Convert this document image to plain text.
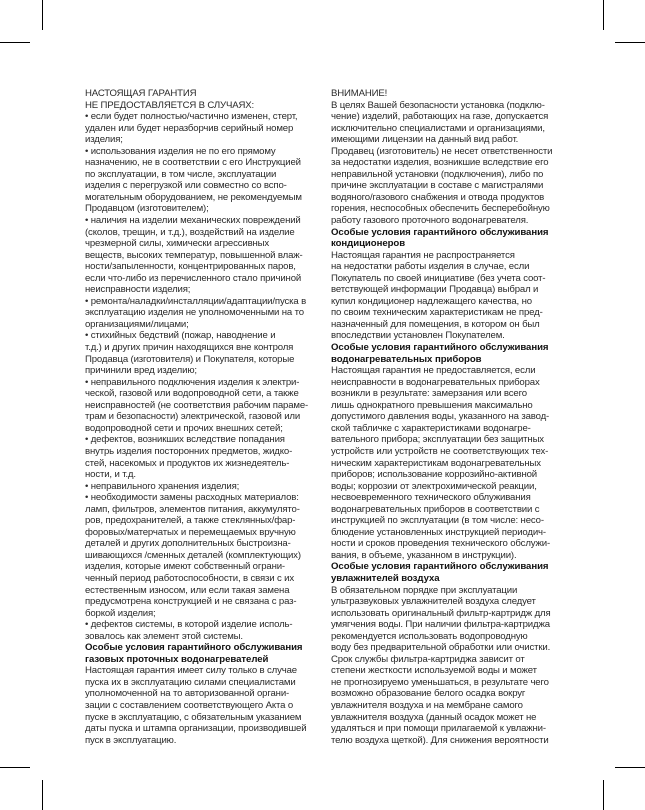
НАСТОЯЩАЯ ГАРАНТИЯ
НЕ ПРЕДОСТАВЛЯЕТСЯ В СЛУЧАЯХ:
• если будет полностью/частично изменен, стерт,
удален или будет неразборчив серийный номер
изделия;
• использования изделия не по его прямому
назначению, не в соответствии с его Инструкцией
по эксплуатации, в том числе, эксплуатации
изделия с перегрузкой или совместно со вспо-
могательным оборудованием, не рекомендуемым
Продавцом (изготовителем);
• наличия на изделии механических повреждений
(сколов, трещин, и т.д.), воздействий на изделие
чрезмерной силы, химически агрессивных
веществ, высоких температур, повышенной влаж-
ности/запыленности, концентрированных паров,
если что-либо из перечисленного стало причиной
неисправности изделия;
• ремонта/наладки/инсталляции/адаптации/пуска в
эксплуатацию изделия не уполномоченными на то
организациями/лицами;
• стихийных бедствий (пожар, наводнение и
т.д.) и других причин находящихся вне контроля
Продавца (изготовителя) и Покупателя, которые
причинили вред изделию;
• неправильного подключения изделия к электри-
ческой, газовой или водопроводной сети, а также
неисправностей (не соответствия рабочим параме-
трам и безопасности) электрической, газовой или
водопроводной сети и прочих внешних сетей;
• дефектов, возникших вследствие попадания
внутрь изделия посторонних предметов, жидко-
стей, насекомых и продуктов их жизнедеятель-
ности, и т.д.
• неправильного хранения изделия;
• необходимости замены расходных материалов:
ламп, фильтров, элементов питания, аккумулято-
ров, предохранителей, а также стеклянных/фар-
форовых/матерчатых и перемещаемых вручную
деталей и других дополнительных быстроизна-
шивающихся /сменных деталей (комплектующих)
изделия, которые имеют собственный ограни-
ченный период работоспособности, в связи с их
естественным износом, или если такая замена
предусмотрена конструкцией и не связана с раз-
боркой изделия;
• дефектов системы, в которой изделие исполь-
зовалось как элемент этой системы.
Особые условия гарантийного обслуживания
газовых проточных водонагревателей
Настоящая гарантия имеет силу только в случае
пуска их в эксплуатацию силами специалистами
уполномоченной на то авторизованной органи-
зации с составлением соответствующего Акта о
пуске в эксплуатацию, с обязательным указанием
даты пуска и штампа организации, производившей
пуск в эксплуатацию.
ВНИМАНИЕ!
В целях Вашей безопасности установка (подклю-
чение) изделий, работающих на газе, допускается
исключительно специалистами и организациями,
имеющими лицензии на данный вид работ.
Продавец (изготовитель) не несет ответственности
за недостатки изделия, возникшие вследствие его
неправильной установки (подключения), либо по
причине эксплуатации в составе с магистралями
водяного/газового снабжения и отвода продуктов
горения, неспособных обеспечить бесперебойную
работу газового проточного водонагревателя.
Особые условия гарантийного обслуживания
кондиционеров
Настоящая гарантия не распространяется
на недостатки работы изделия в случае, если
Покупатель по своей инициативе (без учета соот-
ветствующей информации Продавца) выбрал и
купил кондиционер надлежащего качества, но
по своим техническим характеристикам не пред-
назначенный для помещения, в котором он был
впоследствии установлен Покупателем.
Особые условия гарантийного обслуживания
водонагревательных приборов
Настоящая гарантия не предоставляется, если
неисправности в водонагревательных приборах
возникли в результате: замерзания или всего
лишь однократного превышения максимально
допустимого давления воды, указанного на завод-
ской табличке с характеристиками водонагре-
вательного прибора; эксплуатации без защитных
устройств или устройств не соответствующих тех-
ническим характеристикам водонагревательных
приборов; использование коррозийно-активной
воды; коррозии от электрохимической реакции,
несвоевременного технического облуживания
водонагревательных приборов в соответствии с
инструкцией по эксплуатации (в том числе: несо-
блюдение установленных инструкцией периодич-
ности и сроков проведения технического обслужи-
вания, в объеме, указанном в инструкции).
Особые условия гарантийного обслуживания
увлажнителей воздуха
В обязательном порядке при эксплуатации
ультразвуковых увлажнителей воздуха следует
использовать оригинальный фильтр-картридж для
умягчения воды. При наличии фильтра-картриджа
рекомендуется использовать водопроводную
воду без предварительной обработки или очистки.
Срок службы фильтра-картриджа зависит от
степени жесткости используемой воды и может
не прогнозируемо уменьшаться, в результате чего
возможно образование белого осадка вокруг
увлажнителя воздуха и на мембране самого
увлажнителя воздуха (данный осадок может не
удаляться и при помощи прилагаемой к увлажни-
телю воздуха щеткой). Для снижения вероятности
